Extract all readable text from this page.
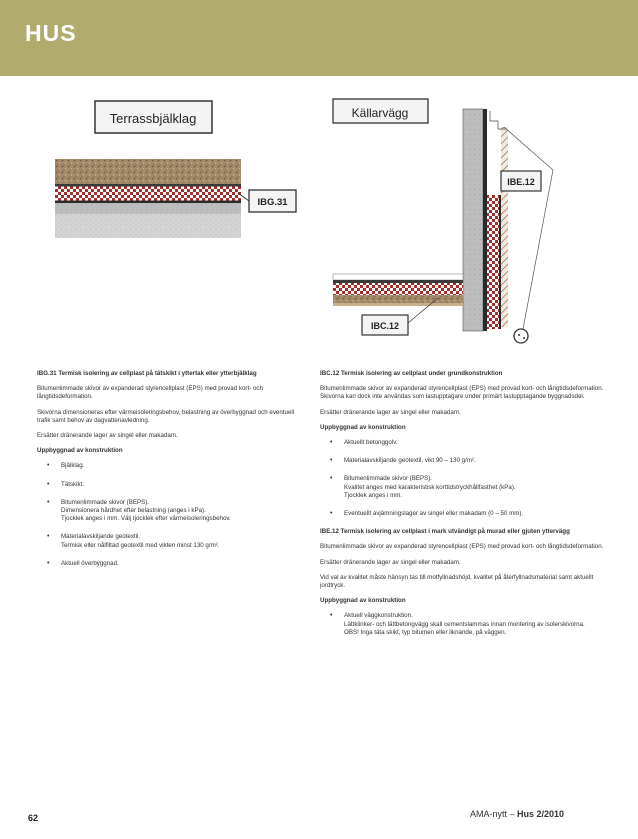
HUS
Terrassbjälklag
IBG.31
Källarvägg
IBE.12
IBC.12

IBG.31 Termisk isolering av cellplast på tätskikt i yttertak eller ytterbjälklag

Bitumenlimmade skivor av expanderad styrencellplast (EPS) med provad kort- och långtidsdeformation.

Skivorna dimensioneras efter värmeisoleringsbehov, belastning av överbyggnad och eventuell trafik samt behov av dagvattenavledning.

Ersätter dränerande lager av singel eller makadam.

Uppbyggnad av konstruktion

• Bjälklag.
• Tätskikt.
• Bitumenlimmade skivor (BEPS).
Dimensionera hårdhet efter belastning (anges i kPa).
Tjocklek anges i mm. Välj tjocklek efter värmeisoleringsbehov.
• Materialavskiljande geotextil.
Termisk eller nålfiltad geotextil med vikten minst 130 g/m².
• Aktuell överbyggnad.

IBC.12 Termisk isolering av cellplast under grundkonstruktion

Bitumenlimmade skivor av expanderad styrencellplast (EPS) med provad kort- och långtidsdeformation. Skivorna kan dock inte användas som lastupptagare under primärt lastupptagande byggnadsdel.

Ersätter dränerande lager av singel eller makadam.

Uppbyggnad av konstruktion

• Aktuellt betonggolv.
• Materialavskiljande geotextil, vikt 90 – 130 g/m².
• Bitumenlimmade skivor (BEPS).
Kvalitet anges med karakteristisk korttidstryckhållfasthet (kPa).
Tjocklek anges i mm.
• Eventuellt avjämningslager av singel eller makadam (0 – 50 mm).

IBE.12 Termisk isolering av cellplast i mark utvändigt på murad eller gjuten yttervägg

Bitumenlimmade skivor av expanderad styrencellplast (EPS) med provad kort- och långtidsdeformation.

Ersätter dränerande lager av singel eller makadam.

Vid val av kvalitet måste hänsyn tas till motfyllnadshöjd, kvalitet på återfyllnadsmaterial samt aktuellt jordtryck.

Uppbyggnad av konstruktion

• Aktuell väggkonstruktion.
Lättklinker- och lättbetongvägg skall cementslammas innan montering av isolerskivorna.
OBS! Inga täta skikt, typ bitumen eller liknande, på väggen.
62	AMA-nytt – Hus 2/2010
